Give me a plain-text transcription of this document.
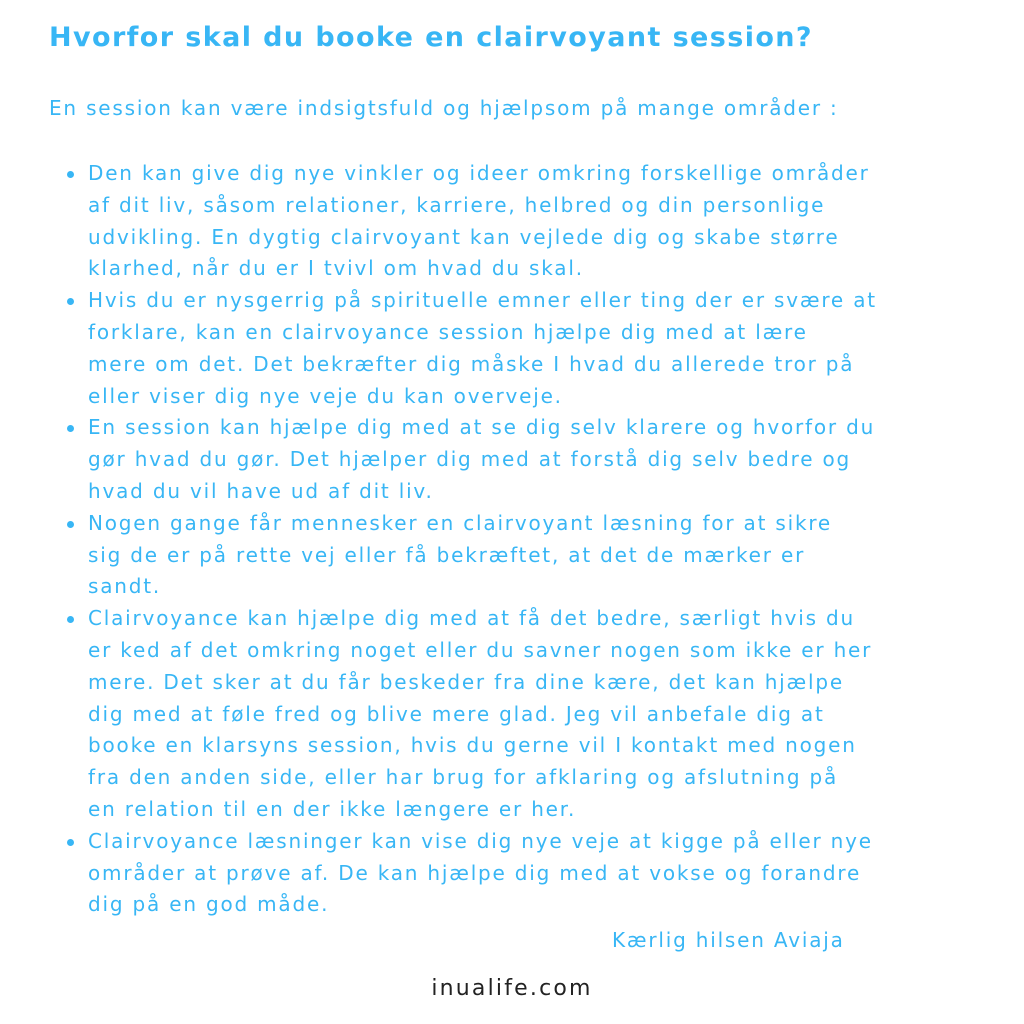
Hvorfor skal du booke en clairvoyant session?

En session kan være indsigtsfuld og hjælpsom på mange områder :

Den kan give dig nye vinkler og ideer omkring forskellige områder
af dit liv, såsom relationer, karriere, helbred og din personlige
udvikling. En dygtig clairvoyant kan vejlede dig og skabe større
klarhed, når du er I tvivl om hvad du skal.
Hvis du er nysgerrig på spirituelle emner eller ting der er svære at
forklare, kan en clairvoyance session hjælpe dig med at lære
mere om det. Det bekræfter dig måske I hvad du allerede tror på
eller viser dig nye veje du kan overveje.
En session kan hjælpe dig med at se dig selv klarere og hvorfor du
gør hvad du gør. Det hjælper dig med at forstå dig selv bedre og
hvad du vil have ud af dit liv.
Nogen gange får mennesker en clairvoyant læsning for at sikre
sig de er på rette vej eller få bekræftet, at det de mærker er
sandt.
Clairvoyance kan hjælpe dig med at få det bedre, særligt hvis du
er ked af det omkring noget eller du savner nogen som ikke er her
mere. Det sker at du får beskeder fra dine kære, det kan hjælpe
dig med at føle fred og blive mere glad. Jeg vil anbefale dig at
booke en klarsyns session, hvis du gerne vil I kontakt med nogen
fra den anden side, eller har brug for afklaring og afslutning på
en relation til en der ikke længere er her.
Clairvoyance læsninger kan vise dig nye veje at kigge på eller nye
områder at prøve af. De kan hjælpe dig med at vokse og forandre
dig på en god måde.

Kærlig hilsen Aviaja

inualife.com
